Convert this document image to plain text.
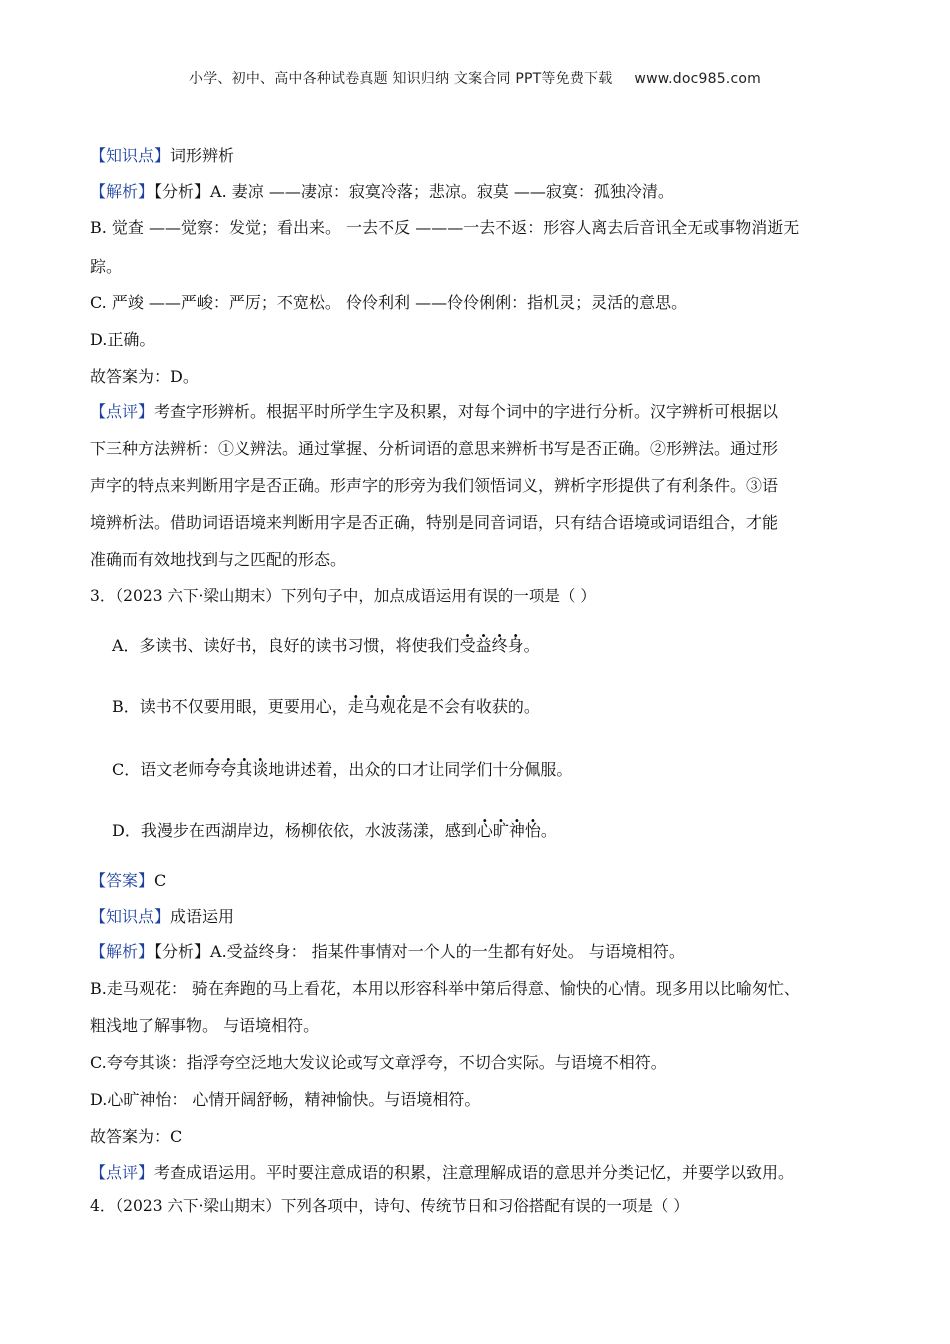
小学、初中、高中各种试卷真题 知识归纳 文案合同 PPT等免费下载 www.doc985.com
【知识点】词形辨析
【解析】【分析】A. 妻凉 ——凄凉：寂寞冷落；悲凉。寂莫 ——寂寞：孤独冷清。
B. 觉查 ——觉察：发觉；看出来。 一去不反 ———一去不返：形容人离去后音讯全无或事物消逝无
踪。
C. 严竣 ——严峻：严厉；不宽松。 伶伶利利 ——伶伶俐俐：指机灵；灵活的意思。
D.正确。
故答案为：D。
【点评】考查字形辨析。根据平时所学生字及积累，对每个词中的字进行分析。汉字辨析可根据以
下三种方法辨析：①义辨法。通过掌握、分析词语的意思来辨析书写是否正确。②形辨法。通过形
声字的特点来判断用字是否正确。形声字的形旁为我们领悟词义，辨析字形提供了有利条件。③语
境辨析法。借助词语语境来判断用字是否正确，特别是同音词语，只有结合语境或词语组合，才能
准确而有效地找到与之匹配的形态。
3．（2023 六下·梁山期末）下列句子中，加点成语运用有误的一项是（ ）
A．多读书、读好书，良好的读书习惯，将使我们受益终身。
B．读书不仅要用眼，更要用心，走马观花是不会有收获的。
C．语文老师夸夸其谈地讲述着，出众的口才让同学们十分佩服。
D．我漫步在西湖岸边，杨柳依依，水波荡漾，感到心旷神怡。
【答案】C
【知识点】成语运用
【解析】【分析】A.受益终身： 指某件事情对一个人的一生都有好处。 与语境相符。
B.走马观花： 骑在奔跑的马上看花，本用以形容科举中第后得意、愉快的心情。现多用以比喻匆忙、
粗浅地了解事物。 与语境相符。
C.夸夸其谈：指浮夸空泛地大发议论或写文章浮夸，不切合实际。与语境不相符。
D.心旷神怡： 心情开阔舒畅，精神愉快。与语境相符。
故答案为：C
【点评】考查成语运用。平时要注意成语的积累，注意理解成语的意思并分类记忆，并要学以致用。
4．（2023 六下·梁山期末）下列各项中，诗句、传统节日和习俗搭配有误的一项是（ ）
